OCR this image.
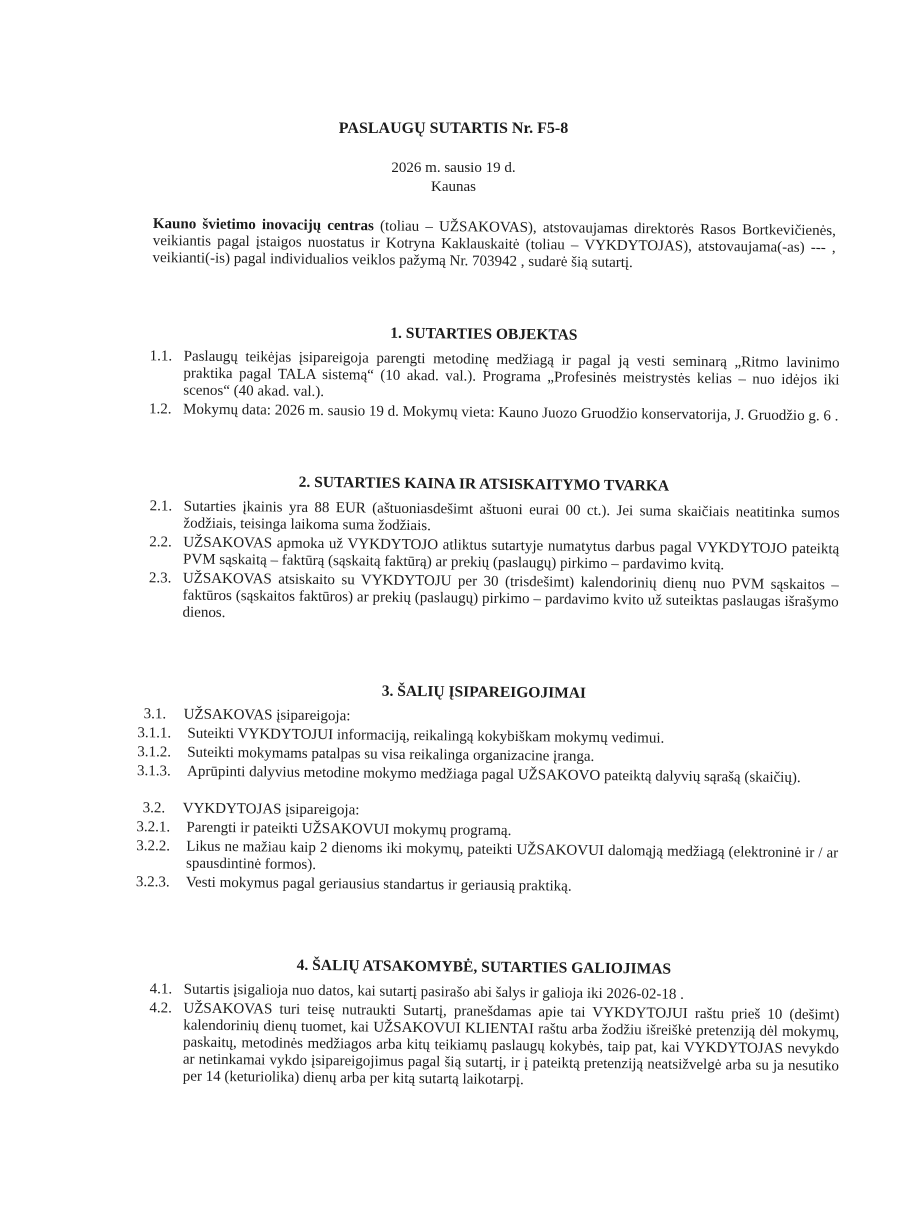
PASLAUGŲ SUTARTIS Nr. F5-8
2026 m. sausio 19 d.
Kaunas
Kauno švietimo inovacijų centras (toliau – UŽSAKOVAS), atstovaujamas direktorės Rasos Bortkevičienės, veikiantis pagal įstaigos nuostatus ir Kotryna Kaklauskaitė (toliau – VYKDYTOJAS), atstovaujama(-as) --- , veikianti(-is) pagal individualios veiklos pažymą Nr. 703942 , sudarė šią sutartį.
1. SUTARTIES OBJEKTAS
1.1. Paslaugų teikėjas įsipareigoja parengti metodinę medžiagą ir pagal ją vesti seminarą „Ritmo lavinimo praktika pagal TALA sistemą“ (10 akad. val.). Programa „Profesinės meistrystės kelias – nuo idėjos iki scenos“ (40 akad. val.).
1.2. Mokymų data: 2026 m. sausio 19 d. Mokymų vieta: Kauno Juozo Gruodžio konservatorija, J. Gruodžio g. 6 .
2. SUTARTIES KAINA IR ATSISKAITYMO TVARKA
2.1. Sutarties įkainis yra 88 EUR (aštuoniasdešimt aštuoni eurai 00 ct.). Jei suma skaičiais neatitinka sumos žodžiais, teisinga laikoma suma žodžiais.
2.2. UŽSAKOVAS apmoka už VYKDYTOJO atliktus sutartyje numatytus darbus pagal VYKDYTOJO pateiktą PVM sąskaitą – faktūrą (sąskaitą faktūrą) ar prekių (paslaugų) pirkimo – pardavimo kvitą.
2.3. UŽSAKOVAS atsiskaito su VYKDYTOJU per 30 (trisdešimt) kalendorinių dienų nuo PVM sąskaitos – faktūros (sąskaitos faktūros) ar prekių (paslaugų) pirkimo – pardavimo kvito už suteiktas paslaugas išrašymo dienos.
3. ŠALIŲ ĮSIPAREIGOJIMAI
3.1.	UŽSAKOVAS įsipareigoja:
3.1.1.	Suteikti VYKDYTOJUI informaciją, reikalingą kokybiškam mokymų vedimui.
3.1.2.	Suteikti mokymams patalpas su visa reikalinga organizacine įranga.
3.1.3.	Aprūpinti dalyvius metodine mokymo medžiaga pagal UŽSAKOVO pateiktą dalyvių sąrašą (skaičių).
3.2.	VYKDYTOJAS įsipareigoja:
3.2.1.	Parengti ir pateikti UŽSAKOVUI mokymų programą.
3.2.2.	Likus ne mažiau kaip 2 dienoms iki mokymų, pateikti UŽSAKOVUI dalomąją medžiagą (elektroninė ir / ar spausdintinė formos).
3.2.3.	Vesti mokymus pagal geriausius standartus ir geriausią praktiką.
4. ŠALIŲ ATSAKOMYBĖ, SUTARTIES GALIOJIMAS
4.1. Sutartis įsigalioja nuo datos, kai sutartį pasirašo abi šalys ir galioja iki 2026-02-18 .
4.2. UŽSAKOVAS turi teisę nutraukti Sutartį, pranešdamas apie tai VYKDYTOJUI raštu prieš 10 (dešimt) kalendorinių dienų tuomet, kai UŽSAKOVUI KLIENTAI raštu arba žodžiu išreiškė pretenziją dėl mokymų, paskaitų, metodinės medžiagos arba kitų teikiamų paslaugų kokybės, taip pat, kai VYKDYTOJAS nevykdo ar netinkamai vykdo įsipareigojimus pagal šią sutartį, ir į pateiktą pretenziją neatsižvelgė arba su ja nesutiko per 14 (keturiolika) dienų arba per kitą sutartą laikotarpį.
